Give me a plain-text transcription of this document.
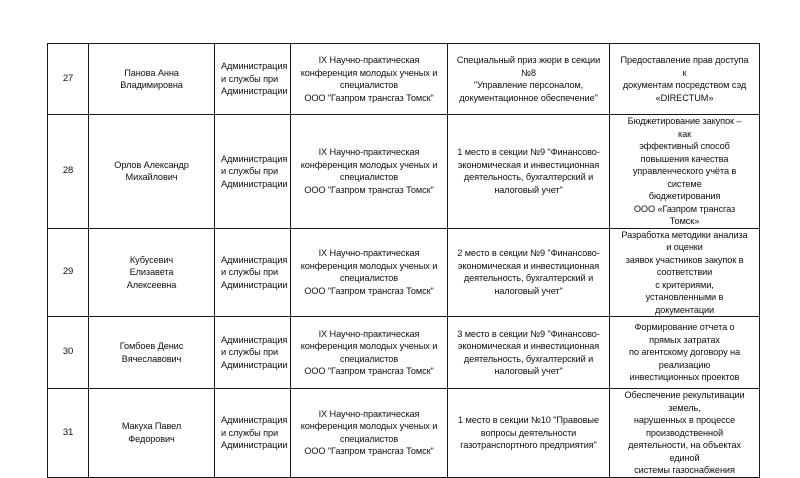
27	Панова Анна
Владимировна	Администрация
и службы при
Администрации	IX Научно-практическая
конференция молодых ученых и
специалистов
ООО "Газпром трансгаз Томск"	Специальный приз жюри в секции №8
"Управление персоналом,
документационное обеспечение"	Предоставление прав доступа к
документам посредством сэд «DIRECTUM»
28	Орлов Александр
Михайлович	Администрация
и службы при
Администрации	IX Научно-практическая
конференция молодых ученых и
специалистов
ООО "Газпром трансгаз Томск"	1 место в секции №9 "Финансово-
экономическая и инвестиционная
деятельность, бухгалтерский и
налоговый учет"	Бюджетирование закупок – как
эффективный способ повышения качества
управленческого учёта в системе
бюджетирования
ООО «Газпром трансгаз Томск»
29	Кубусевич
Елизавета
Алексеевна	Администрация
и службы при
Администрации	IX Научно-практическая
конференция молодых ученых и
специалистов
ООО "Газпром трансгаз Томск"	2 место в секции №9 "Финансово-
экономическая и инвестиционная
деятельность, бухгалтерский и
налоговый учет"	Разработка методики анализа и оценки
заявок участников закупок в соответствии
с критериями, установленными в
документации
30	Гомбоев Денис
Вячеславович	Администрация
и службы при
Администрации	IX Научно-практическая
конференция молодых ученых и
специалистов
ООО "Газпром трансгаз Томск"	3 место в секции №9 "Финансово-
экономическая и инвестиционная
деятельность, бухгалтерский и
налоговый учет"	Формирование отчета о прямых затратах
по агентскому договору на реализацию
инвестиционных проектов
31	Макуха Павел
Федорович	Администрация
и службы при
Администрации	IX Научно-практическая
конференция молодых ученых и
специалистов
ООО "Газпром трансгаз Томск"	1 место в секции №10 "Правовые
вопросы деятельности
газотранспортного предприятия"	Обеспечение рекультивации земель,
нарушенных в процессе производственной
деятельности, на объектах единой
системы газоснабжения
